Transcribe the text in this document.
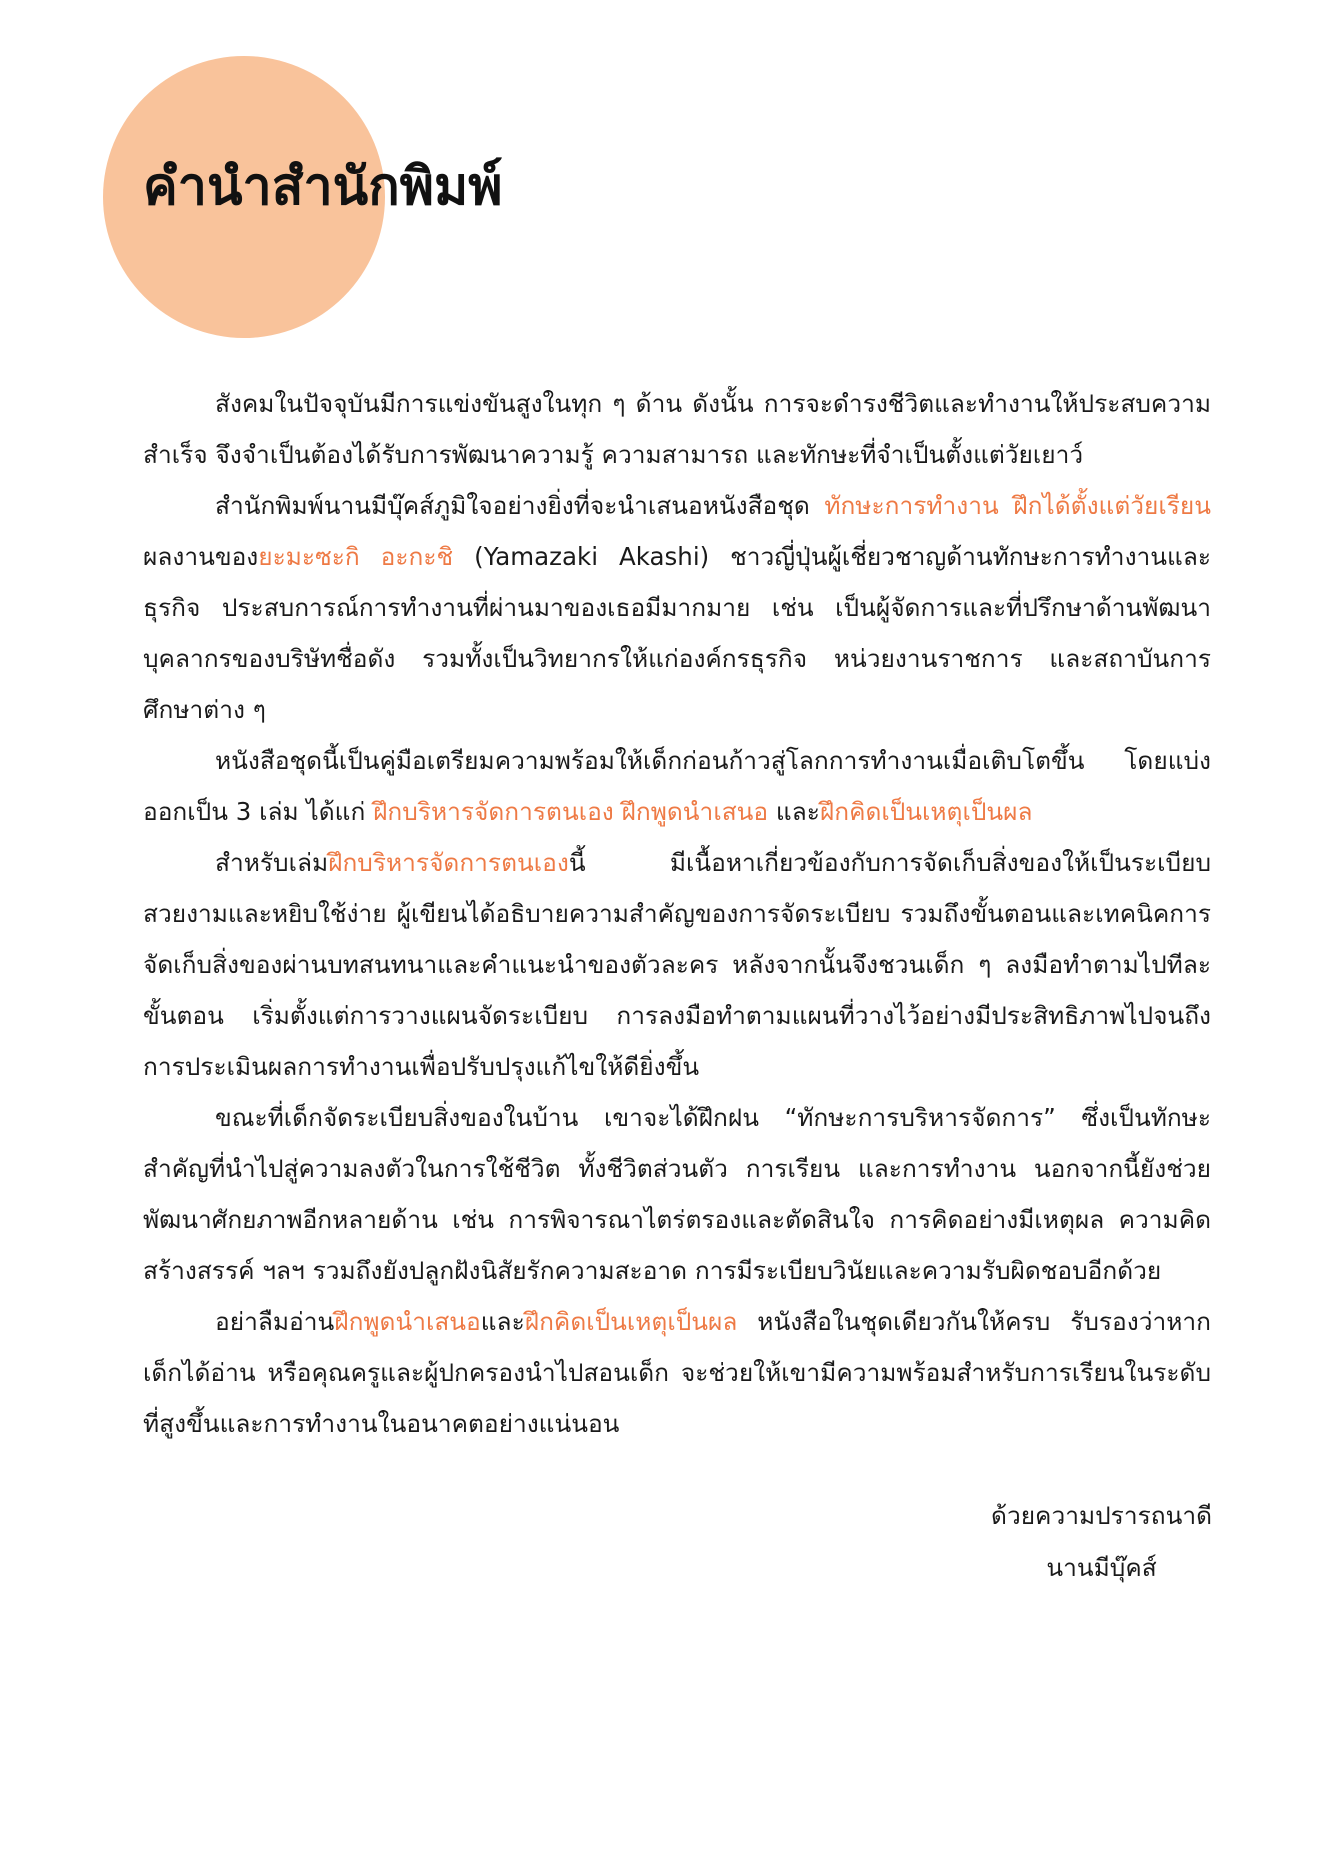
คำนำสำนักพิมพ์

สังคมในปัจจุบันมีการแข่งขันสูงในทุก ๆ ด้าน ดังนั้น การจะดำรงชีวิตและทำงานให้ประสบความสำเร็จ จึงจำเป็นต้องได้รับการพัฒนาความรู้ ความสามารถ และทักษะที่จำเป็นตั้งแต่วัยเยาว์

สำนักพิมพ์นานมีบุ๊คส์ภูมิใจอย่างยิ่งที่จะนำเสนอหนังสือชุด ทักษะการทำงาน ฝึกได้ตั้งแต่วัยเรียน ผลงานของยะมะซะกิ อะกะชิ (Yamazaki Akashi) ชาวญี่ปุ่นผู้เชี่ยวชาญด้านทักษะการทำงานและธุรกิจ ประสบการณ์การทำงานที่ผ่านมาของเธอมีมากมาย เช่น เป็นผู้จัดการและที่ปรึกษาด้านพัฒนาบุคลากรของบริษัทชื่อดัง รวมทั้งเป็นวิทยากรให้แก่องค์กรธุรกิจ หน่วยงานราชการ และสถาบันการศึกษาต่าง ๆ

หนังสือชุดนี้เป็นคู่มือเตรียมความพร้อมให้เด็กก่อนก้าวสู่โลกการทำงานเมื่อเติบโตขึ้น โดยแบ่งออกเป็น 3 เล่ม ได้แก่ ฝึกบริหารจัดการตนเอง ฝึกพูดนำเสนอ และฝึกคิดเป็นเหตุเป็นผล

สำหรับเล่มฝึกบริหารจัดการตนเองนี้ มีเนื้อหาเกี่ยวข้องกับการจัดเก็บสิ่งของให้เป็นระเบียบสวยงามและหยิบใช้ง่าย ผู้เขียนได้อธิบายความสำคัญของการจัดระเบียบ รวมถึงขั้นตอนและเทคนิคการจัดเก็บสิ่งของผ่านบทสนทนาและคำแนะนำของตัวละคร หลังจากนั้นจึงชวนเด็ก ๆ ลงมือทำตามไปทีละขั้นตอน เริ่มตั้งแต่การวางแผนจัดระเบียบ การลงมือทำตามแผนที่วางไว้อย่างมีประสิทธิภาพไปจนถึงการประเมินผลการทำงานเพื่อปรับปรุงแก้ไขให้ดียิ่งขึ้น

ขณะที่เด็กจัดระเบียบสิ่งของในบ้าน เขาจะได้ฝึกฝน “ทักษะการบริหารจัดการ” ซึ่งเป็นทักษะสำคัญที่นำไปสู่ความลงตัวในการใช้ชีวิต ทั้งชีวิตส่วนตัว การเรียน และการทำงาน นอกจากนี้ยังช่วยพัฒนาศักยภาพอีกหลายด้าน เช่น การพิจารณาไตร่ตรองและตัดสินใจ การคิดอย่างมีเหตุผล ความคิดสร้างสรรค์ ฯลฯ รวมถึงยังปลูกฝังนิสัยรักความสะอาด การมีระเบียบวินัยและความรับผิดชอบอีกด้วย

อย่าลืมอ่านฝึกพูดนำเสนอและฝึกคิดเป็นเหตุเป็นผล หนังสือในชุดเดียวกันให้ครบ รับรองว่าหากเด็กได้อ่าน หรือคุณครูและผู้ปกครองนำไปสอนเด็ก จะช่วยให้เขามีความพร้อมสำหรับการเรียนในระดับที่สูงขึ้นและการทำงานในอนาคตอย่างแน่นอน

ด้วยความปรารถนาดี
นานมีบุ๊คส์
